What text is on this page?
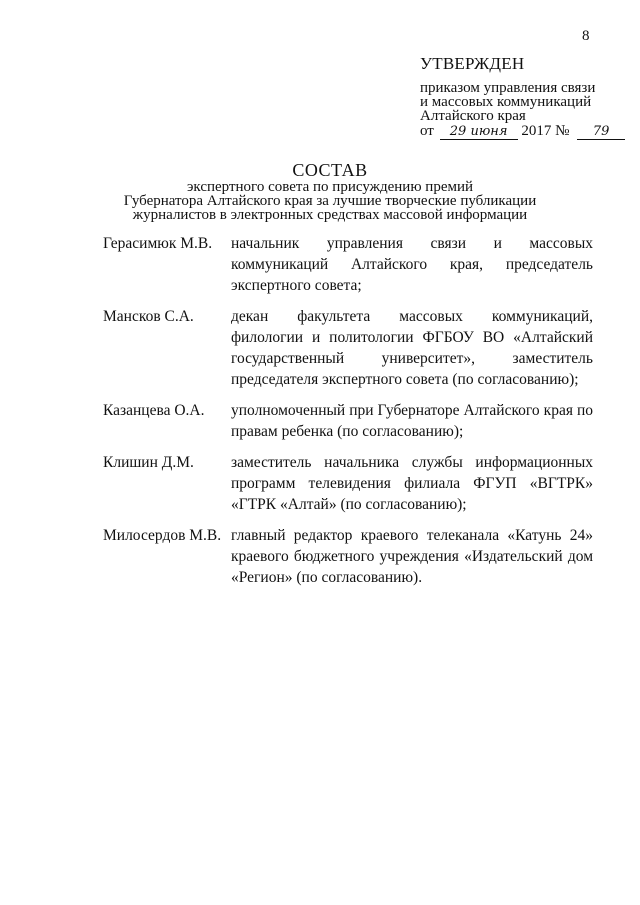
8
УТВЕРЖДЕН
приказом управления связи
и массовых коммуникаций
Алтайского края
от 29 июня 2017 № 79
СОСТАВ
экспертного совета по присуждению премий
Губернатора Алтайского края за лучшие творческие публикации
журналистов в электронных средствах массовой информации
Герасимюк М.В.	начальник управления связи и массовых коммуникаций Алтайского края, председатель экспертного совета;
Мансков С.А.	декан факультета массовых коммуникаций, филологии и политологии ФГБОУ ВО «Алтайский государственный университет», заместитель председателя экспертного совета (по согласованию);
Казанцева О.А.	уполномоченный при Губернаторе Алтайского края по правам ребенка (по согласованию);
Клишин Д.М.	заместитель начальника службы информационных программ телевидения филиала ФГУП «ВГТРК» «ГТРК «Алтай» (по согласованию);
Милосердов М.В. главный редактор краевого телеканала «Катунь 24» краевого бюджетного учреждения «Издательский дом «Регион» (по согласованию).
